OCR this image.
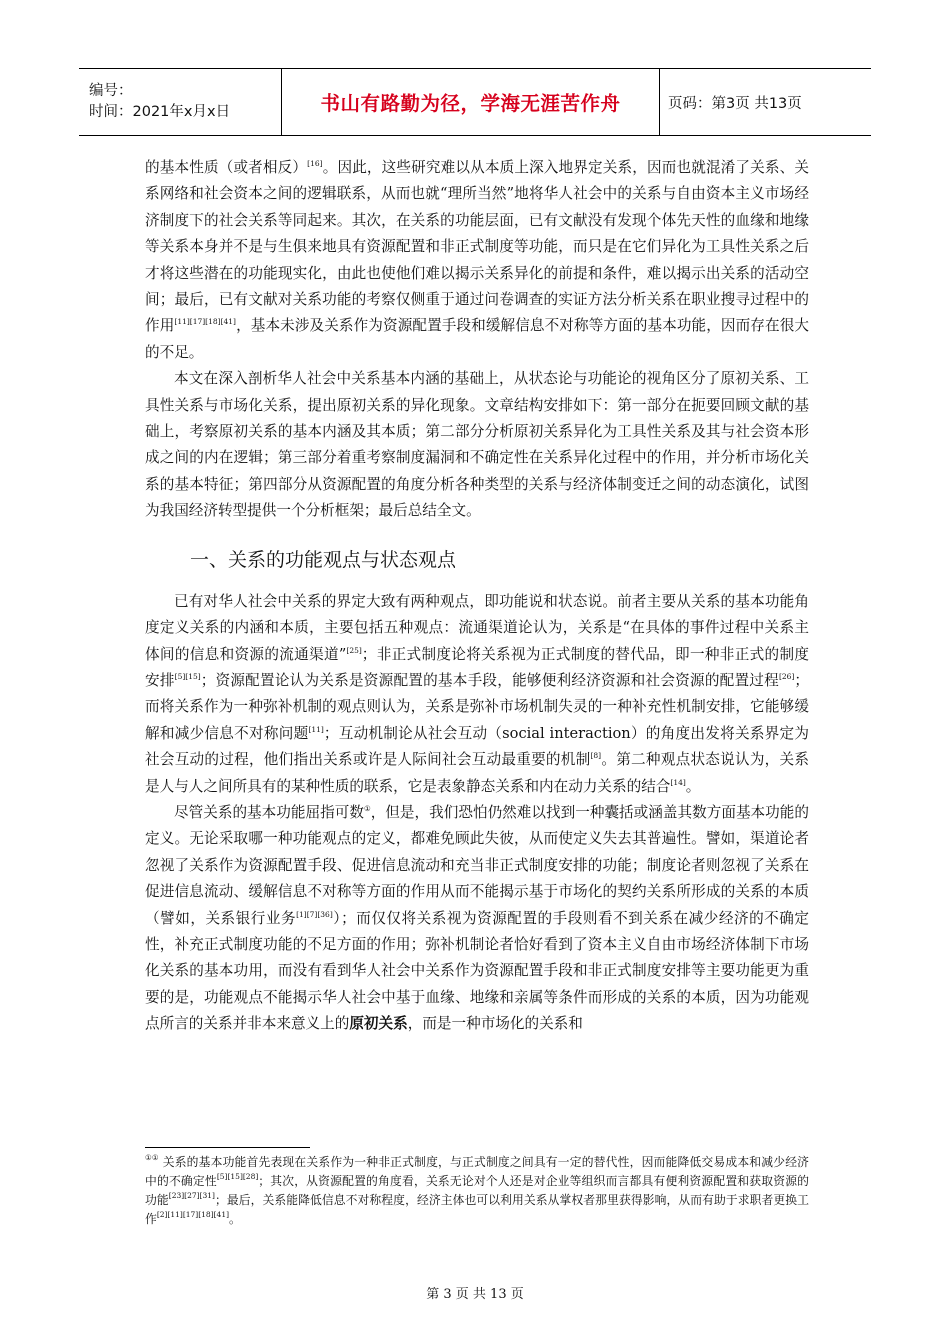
编号：
时间：2021年x月x日	书山有路勤为径，学海无涯苦作舟	页码：第3页 共13页

的基本性质（或者相反）[16]。因此，这些研究难以从本质上深入地界定关系，因而也就混淆了关系、关系网络和社会资本之间的逻辑联系，从而也就“理所当然”地将华人社会中的关系与自由资本主义市场经济制度下的社会关系等同起来。其次，在关系的功能层面，已有文献没有发现个体先天性的血缘和地缘等关系本身并不是与生俱来地具有资源配置和非正式制度等功能，而只是在它们异化为工具性关系之后才将这些潜在的功能现实化，由此也使他们难以揭示关系异化的前提和条件，难以揭示出关系的活动空间；最后，已有文献对关系功能的考察仅侧重于通过问卷调查的实证方法分析关系在职业搜寻过程中的作用[11][17][18][41]，基本未涉及关系作为资源配置手段和缓解信息不对称等方面的基本功能，因而存在很大的不足。

本文在深入剖析华人社会中关系基本内涵的基础上，从状态论与功能论的视角区分了原初关系、工具性关系与市场化关系，提出原初关系的异化现象。文章结构安排如下：第一部分在扼要回顾文献的基础上，考察原初关系的基本内涵及其本质；第二部分分析原初关系异化为工具性关系及其与社会资本形成之间的内在逻辑；第三部分着重考察制度漏洞和不确定性在关系异化过程中的作用，并分析市场化关系的基本特征；第四部分从资源配置的角度分析各种类型的关系与经济体制变迁之间的动态演化，试图为我国经济转型提供一个分析框架；最后总结全文。

一、关系的功能观点与状态观点

已有对华人社会中关系的界定大致有两种观点，即功能说和状态说。前者主要从关系的基本功能角度定义关系的内涵和本质，主要包括五种观点：流通渠道论认为，关系是“在具体的事件过程中关系主体间的信息和资源的流通渠道”[25]；非正式制度论将关系视为正式制度的替代品，即一种非正式的制度安排[5][15]；资源配置论认为关系是资源配置的基本手段，能够便利经济资源和社会资源的配置过程[26]；而将关系作为一种弥补机制的观点则认为，关系是弥补市场机制失灵的一种补充性机制安排，它能够缓解和减少信息不对称问题[11]；互动机制论从社会互动（social interaction）的角度出发将关系界定为社会互动的过程，他们指出关系或许是人际间社会互动最重要的机制[8]。第二种观点状态说认为，关系是人与人之间所具有的某种性质的联系，它是表象静态关系和内在动力关系的结合[14]。

尽管关系的基本功能屈指可数①，但是，我们恐怕仍然难以找到一种囊括或涵盖其数方面基本功能的定义。无论采取哪一种功能观点的定义，都难免顾此失彼，从而使定义失去其普遍性。譬如，渠道论者忽视了关系作为资源配置手段、促进信息流动和充当非正式制度安排的功能；制度论者则忽视了关系在促进信息流动、缓解信息不对称等方面的作用从而不能揭示基于市场化的契约关系所形成的关系的本质（譬如，关系银行业务[1][7][36]）；而仅仅将关系视为资源配置的手段则看不到关系在减少经济的不确定性，补充正式制度功能的不足方面的作用；弥补机制论者恰好看到了资本主义自由市场经济体制下市场化关系的基本功用，而没有看到华人社会中关系作为资源配置手段和非正式制度安排等主要功能更为重要的是，功能观点不能揭示华人社会中基于血缘、地缘和亲属等条件而形成的关系的本质，因为功能观点所言的关系并非本来意义上的原初关系，而是一种市场化的关系和

①① 关系的基本功能首先表现在关系作为一种非正式制度，与正式制度之间具有一定的替代性，因而能降低交易成本和减少经济中的不确定性[5][15][28]；其次，从资源配置的角度看，关系无论对个人还是对企业等组织而言都具有便利资源配置和获取资源的功能[23][27][31]；最后，关系能降低信息不对称程度，经济主体也可以利用关系从掌权者那里获得影响，从而有助于求职者更换工作[2][11][17][18][41]。
第 3 页 共 13 页
